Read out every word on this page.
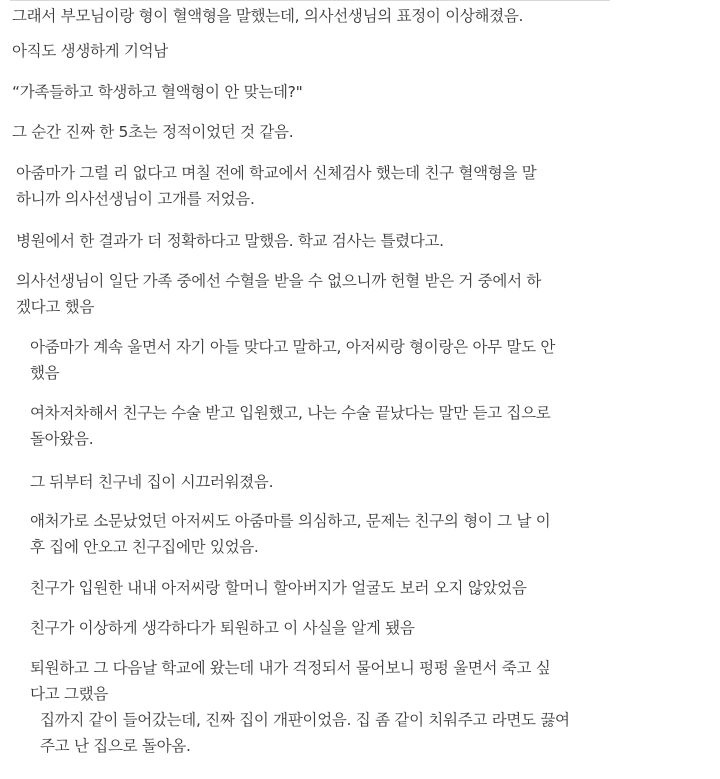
그래서 부모님이랑 형이 혈액형을 말했는데, 의사선생님의 표정이 이상해졌음.

아직도 생생하게 기억남

“가족들하고 학생하고 혈액형이 안 맞는데?"

그 순간 진짜 한 5초는 정적이었던 것 같음.

아줌마가 그럴 리 없다고 며칠 전에 학교에서 신체검사 했는데 친구 혈액형을 말
하니까 의사선생님이 고개를 저었음.

병원에서 한 결과가 더 정확하다고 말했음. 학교 검사는 틀렸다고.

의사선생님이 일단 가족 중에선 수혈을 받을 수 없으니까 헌혈 받은 거 중에서 하
겠다고 했음

아줌마가 계속 울면서 자기 아들 맞다고 말하고, 아저씨랑 형이랑은 아무 말도 안
했음

여차저차해서 친구는 수술 받고 입원했고, 나는 수술 끝났다는 말만 듣고 집으로
돌아왔음.

그 뒤부터 친구네 집이 시끄러워졌음.

애처가로 소문났었던 아저씨도 아줌마를 의심하고, 문제는 친구의 형이 그 날 이
후 집에 안오고 친구집에만 있었음.

친구가 입원한 내내 아저씨랑 할머니 할아버지가 얼굴도 보러 오지 않았었음

친구가 이상하게 생각하다가 퇴원하고 이 사실을 알게 됐음

퇴원하고 그 다음날 학교에 왔는데 내가 걱정되서 물어보니 펑펑 울면서 죽고 싶
다고 그랬음

집까지 같이 들어갔는데, 진짜 집이 개판이었음. 집 좀 같이 치워주고 라면도 끓여
주고 난 집으로 돌아옴.
